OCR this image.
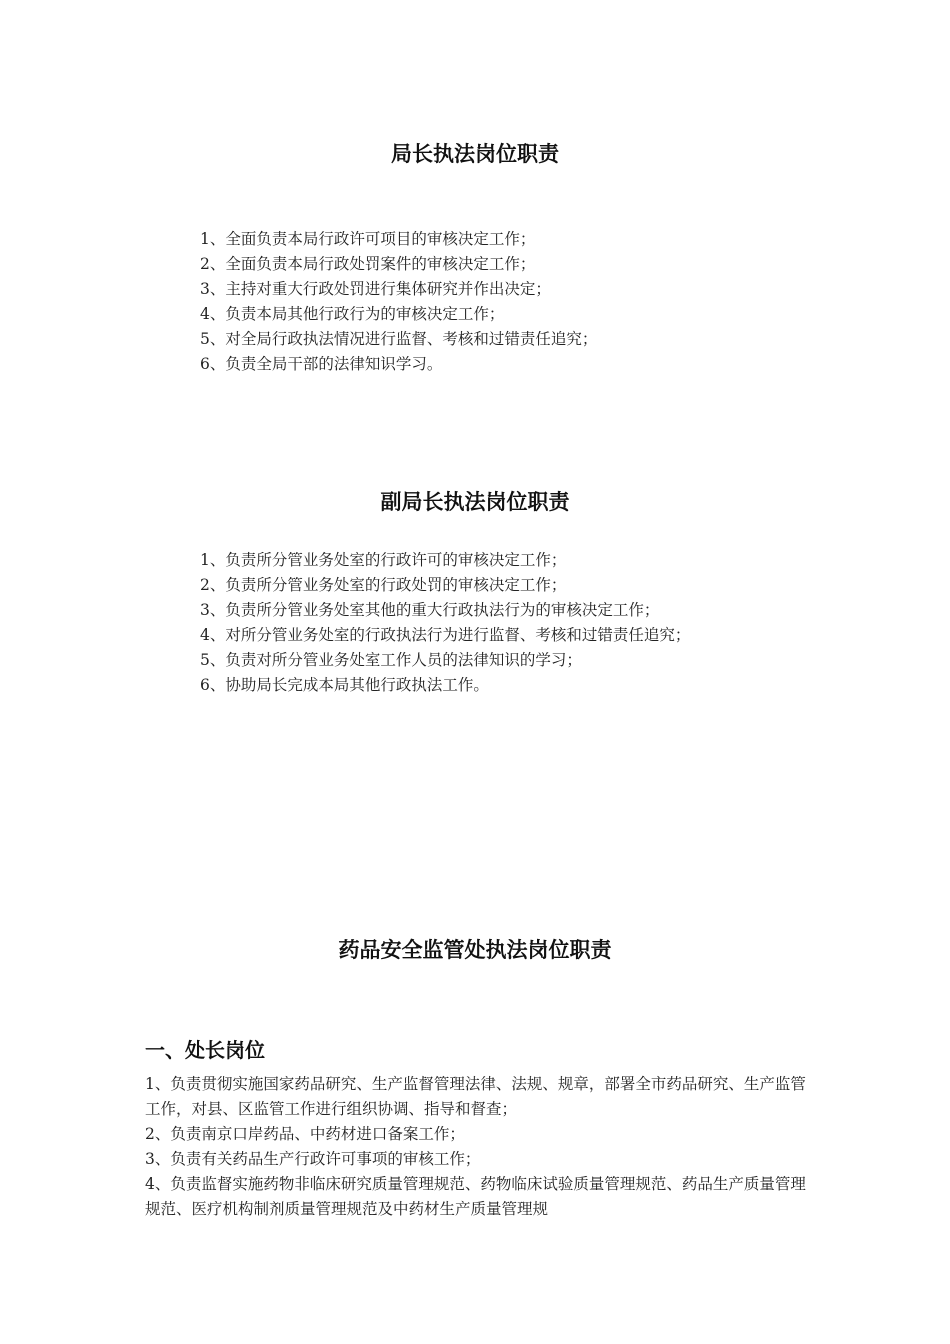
局长执法岗位职责
1、全面负责本局行政许可项目的审核决定工作；
2、全面负责本局行政处罚案件的审核决定工作；
3、主持对重大行政处罚进行集体研究并作出决定；
4、负责本局其他行政行为的审核决定工作；
5、对全局行政执法情况进行监督、考核和过错责任追究；
6、负责全局干部的法律知识学习。
副局长执法岗位职责
1、负责所分管业务处室的行政许可的审核决定工作；
2、负责所分管业务处室的行政处罚的审核决定工作；
3、负责所分管业务处室其他的重大行政执法行为的审核决定工作；
4、对所分管业务处室的行政执法行为进行监督、考核和过错责任追究；
5、负责对所分管业务处室工作人员的法律知识的学习；
6、协助局长完成本局其他行政执法工作。
药品安全监管处执法岗位职责
一、处长岗位

1、负责贯彻实施国家药品研究、生产监督管理法律、法规、规章，部署全市药品研究、生产监管工作，对县、区监管工作进行组织协调、指导和督查；

2、负责南京口岸药品、中药材进口备案工作；

3、负责有关药品生产行政许可事项的审核工作；

4、负责监督实施药物非临床研究质量管理规范、药物临床试验质量管理规范、药品生产质量管理规范、医疗机构制剂质量管理规范及中药材生产质量管理规
